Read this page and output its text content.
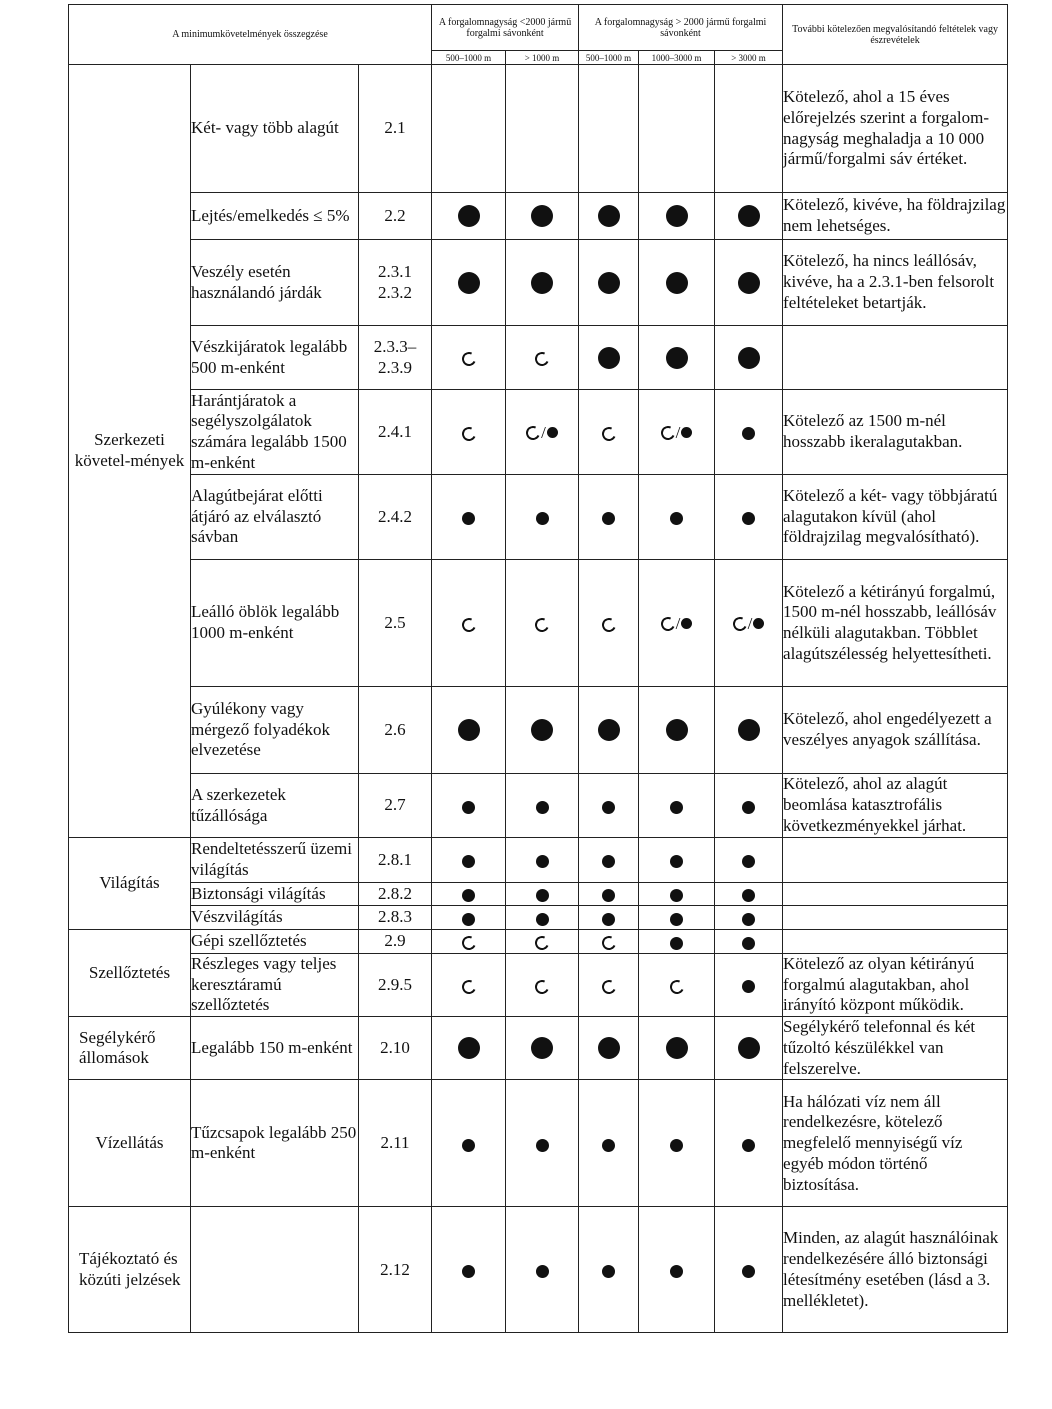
A minimumkövetelmények összegzése			A forgalomnagyság <2000 jármű forgalmi sávonként		A forgalomnagyság > 2000 jármű forgalmi sávonként			További kötelezően megvalósítandó feltételek vagy észrevételek
			500–1000 m	> 1000 m	500–1000 m	1000–3000 m	> 3000 m	
Szerkezeti követel-mények	Két- vagy több alagút	2.1						Kötelező, ahol a 15 éves előrejelzés szerint a forgalom-nagyság meghaladja a 10 000 jármű/forgalmi sáv értéket.
	Lejtés/emelkedés ≤ 5%	2.2						Kötelező, kivéve, ha földrajzilag nem lehetséges.
	Veszély esetén használandó járdák	2.3.1 2.3.2						Kötelező, ha nincs leállósáv, kivéve, ha a 2.3.1-ben felsorolt feltételeket betartják.
	Vészkijáratok legalább 500 m-enként	2.3.3– 2.3.9						
	Harántjáratok a segélyszolgálatok számára legalább 1500 m-enként	2.4.1		/		/		Kötelező az 1500 m-nél hosszabb ikeralagutakban.
	Alagútbejárat előtti átjáró az elválasztó sávban	2.4.2						Kötelező a két- vagy többjáratú alagutakon kívül (ahol földrajzilag megvalósítható).
	Leálló öblök legalább 1000 m-enként	2.5				/	/	Kötelező a kétirányú forgalmú, 1500 m-nél hosszabb, leállósáv nélküli alagutakban. Többlet alagútszélesség helyettesítheti.
	Gyúlékony vagy mérgező folyadékok elvezetése	2.6						Kötelező, ahol engedélyezett a veszélyes anyagok szállítása.
	A szerkezetek tűzállósága	2.7						Kötelező, ahol az alagút beomlása katasztrofális következményekkel járhat.
Világítás	Rendeltetésszerű üzemi világítás	2.8.1						
	Biztonsági világítás	2.8.2						
	Vészvilágítás	2.8.3						
Szellőztetés	Gépi szellőztetés	2.9						
	Részleges vagy teljes keresztáramú szellőztetés	2.9.5						Kötelező az olyan kétirányú forgalmú alagutakban, ahol irányító központ működik.
Segélykérő állomások	Legalább 150 m-enként	2.10						Segélykérő telefonnal és két tűzoltó készülékkel van felszerelve.
Vízellátás	Tűzcsapok legalább 250 m-enként	2.11						Ha hálózati víz nem áll rendelkezésre, kötelező megfelelő mennyiségű víz egyéb módon történő biztosítása.
Tájékoztató és közúti jelzések		2.12						Minden, az alagút használóinak rendelkezésére álló biztonsági létesítmény esetében (lásd a 3. mellékletet).
